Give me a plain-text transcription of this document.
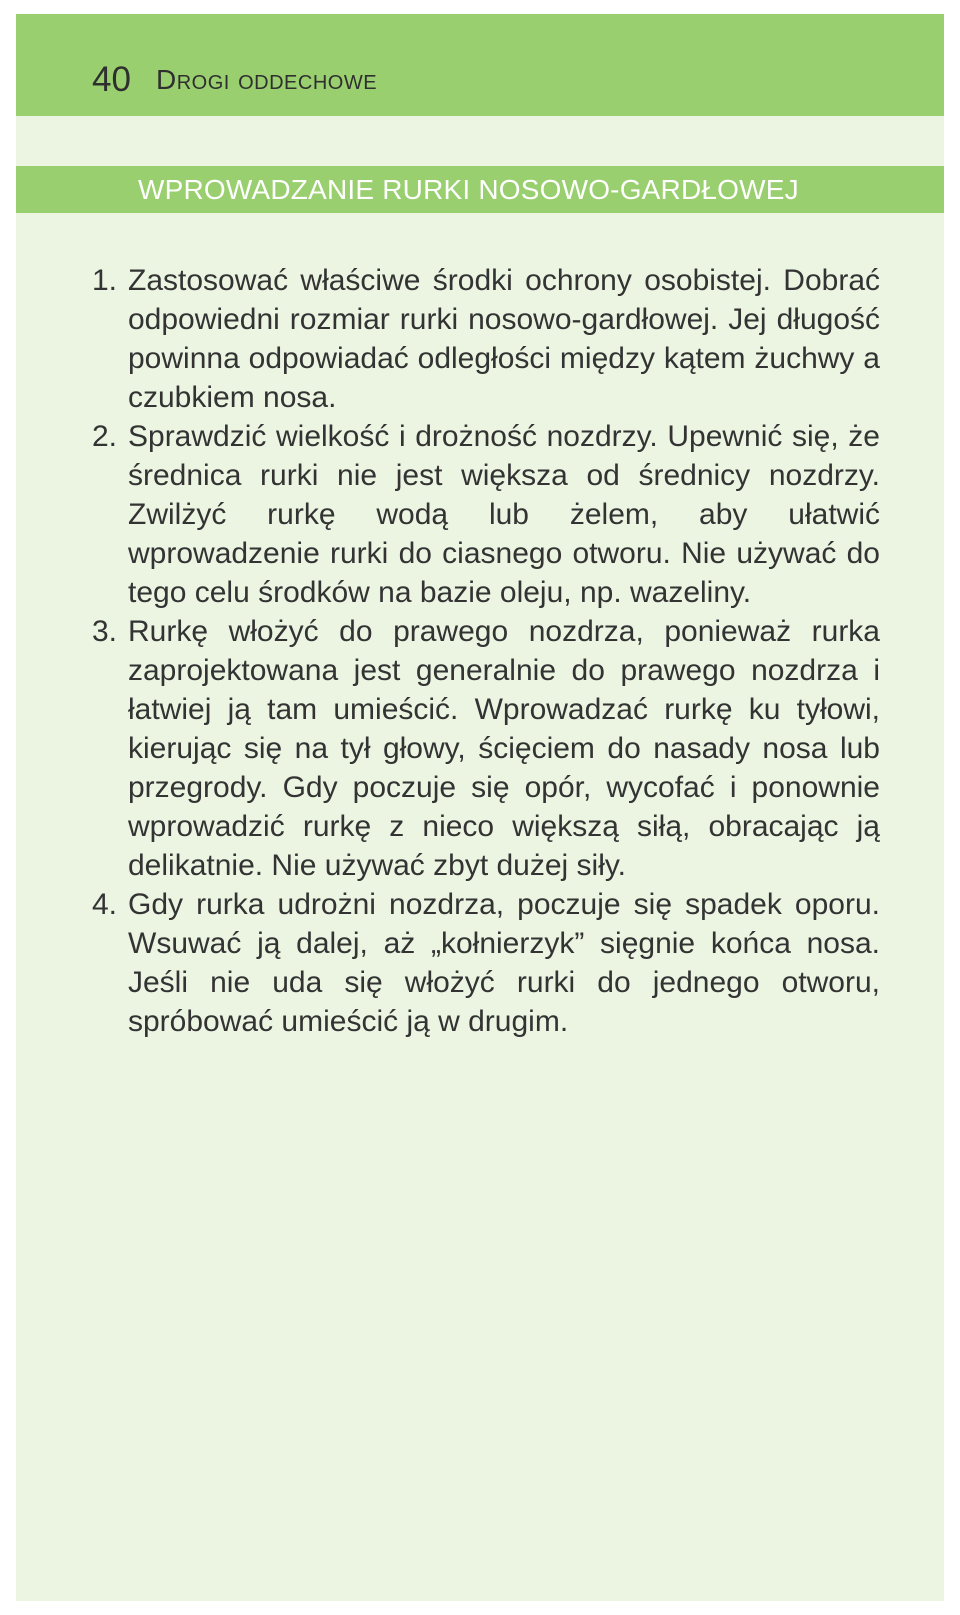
40 Drogi oddechowe
WPROWADZANIE RURKI NOSOWO-GARDŁOWEJ
1. Zastosować właściwe środki ochrony osobistej. Dobrać odpowiedni rozmiar rurki nosowo-gardłowej. Jej długość powinna odpowiadać odległości między kątem żuchwy a czubkiem nosa.
2. Sprawdzić wielkość i drożność nozdrzy. Upewnić się, że średnica rurki nie jest większa od średnicy nozdrzy. Zwilżyć rurkę wodą lub żelem, aby ułatwić wprowadzenie rurki do ciasnego otworu. Nie używać do tego celu środków na bazie oleju, np. wazeliny.
3. Rurkę włożyć do prawego nozdrza, ponieważ rurka zaprojektowana jest generalnie do prawego nozdrza i łatwiej ją tam umieścić. Wprowadzać rurkę ku tyłowi, kierując się na tył głowy, ścięciem do nasady nosa lub przegrody. Gdy poczuje się opór, wycofać i ponownie wprowadzić rurkę z nieco większą siłą, obracając ją delikatnie. Nie używać zbyt dużej siły.
4. Gdy rurka udrożni nozdrza, poczuje się spadek oporu. Wsuwać ją dalej, aż „kołnierzyk” sięgnie końca nosa. Jeśli nie uda się włożyć rurki do jednego otworu, spróbować umieścić ją w drugim.
